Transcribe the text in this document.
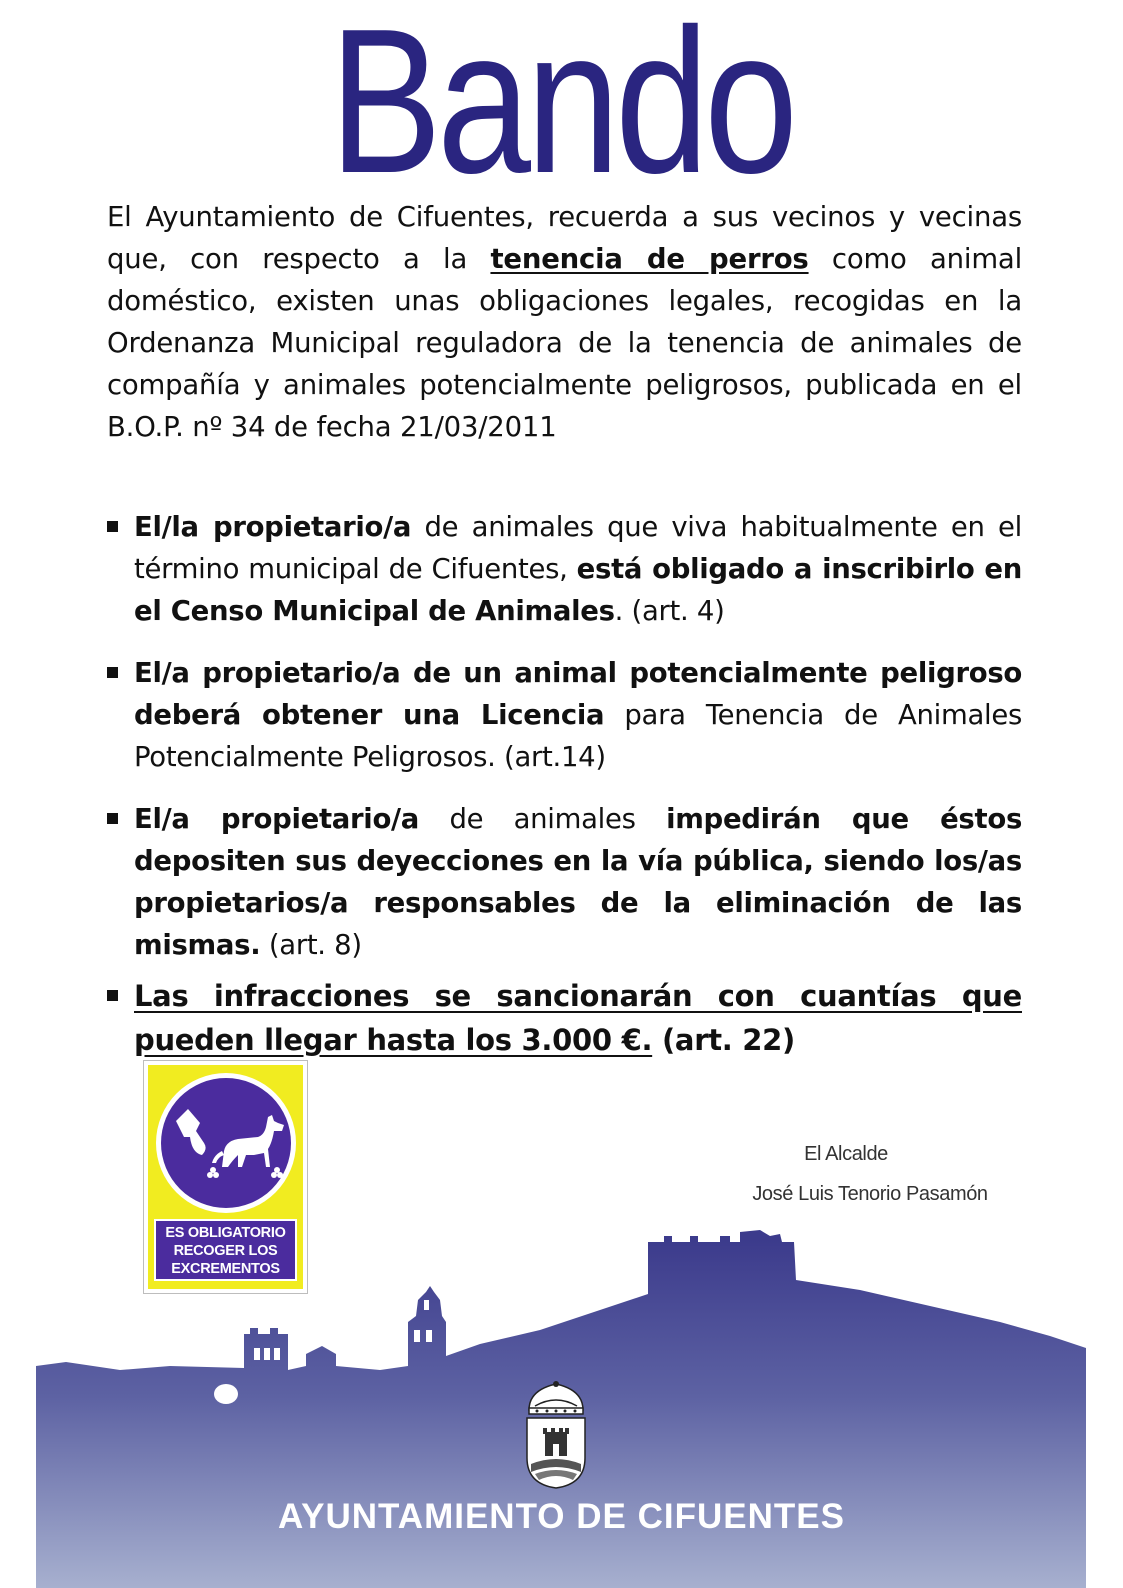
Bando
El Ayuntamiento de Cifuentes, recuerda a sus vecinos y vecinas que, con respecto a la tenencia de perros como animal doméstico, existen unas obligaciones legales, recogidas en la Ordenanza Municipal reguladora de la tenencia de animales de compañía y animales potencialmente peligrosos, publicada en el B.O.P. nº 34 de fecha 21/03/2011
El/la propietario/a de animales que viva habitualmente en el término municipal de Cifuentes, está obligado a inscribirlo en el Censo Municipal de Animales. (art. 4)
El/a propietario/a de un animal potencialmente peligroso deberá obtener una Licencia para Tenencia de Animales Potencialmente Peligrosos. (art.14)
El/a propietario/a de animales impedirán que éstos depositen sus deyecciones en la vía pública, siendo los/as propietarios/a responsables de la eliminación de las mismas. (art. 8)
Las infracciones se sancionarán con cuantías que pueden llegar hasta los 3.000 €. (art. 22)
ES OBLIGATORIO
RECOGER LOS
EXCREMENTOS
El Alcalde
José Luis Tenorio Pasamón
AYUNTAMIENTO DE CIFUENTES
